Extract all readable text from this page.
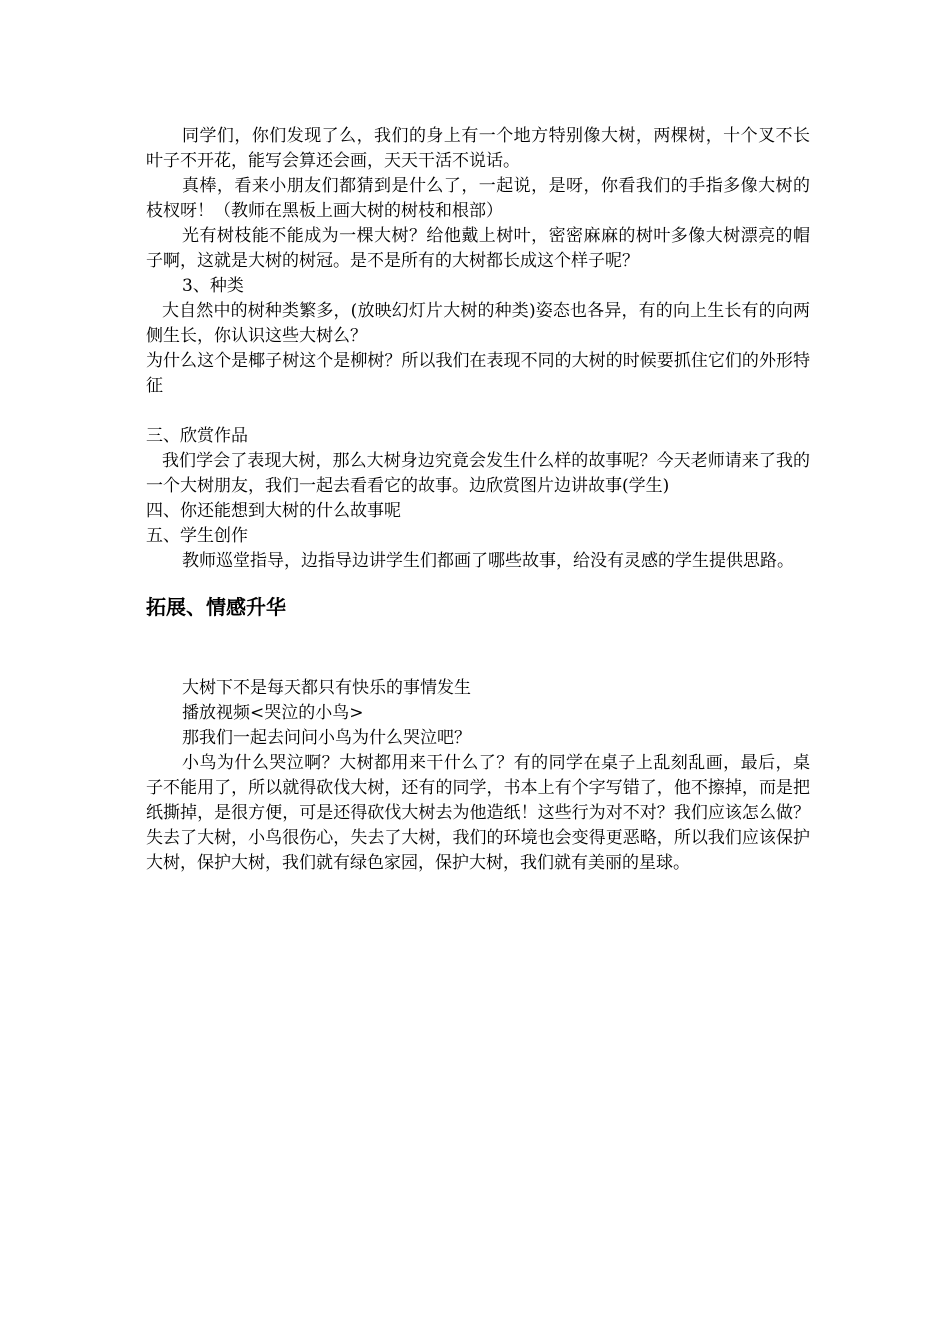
同学们，你们发现了么，我们的身上有一个地方特别像大树，两棵树，十个叉不长叶子不开花，能写会算还会画，天天干活不说话。

真棒，看来小朋友们都猜到是什么了，一起说，是呀，你看我们的手指多像大树的枝杈呀！（教师在黑板上画大树的树枝和根部）

光有树枝能不能成为一棵大树？给他戴上树叶，密密麻麻的树叶多像大树漂亮的帽子啊，这就是大树的树冠。是不是所有的大树都长成这个样子呢？

3、种类

大自然中的树种类繁多，(放映幻灯片大树的种类)姿态也各异，有的向上生长有的向两侧生长，你认识这些大树么？

为什么这个是椰子树这个是柳树？所以我们在表现不同的大树的时候要抓住它们的外形特征

三、欣赏作品

我们学会了表现大树，那么大树身边究竟会发生什么样的故事呢？今天老师请来了我的一个大树朋友，我们一起去看看它的故事。边欣赏图片边讲故事(学生)

四、你还能想到大树的什么故事呢

五、学生创作

教师巡堂指导，边指导边讲学生们都画了哪些故事，给没有灵感的学生提供思路。

拓展、情感升华

大树下不是每天都只有快乐的事情发生

播放视频<哭泣的小鸟>

那我们一起去问问小鸟为什么哭泣吧？

小鸟为什么哭泣啊？大树都用来干什么了？有的同学在桌子上乱刻乱画，最后，桌子不能用了，所以就得砍伐大树，还有的同学，书本上有个字写错了，他不擦掉，而是把纸撕掉，是很方便，可是还得砍伐大树去为他造纸！这些行为对不对？我们应该怎么做？失去了大树，小鸟很伤心，失去了大树，我们的环境也会变得更恶略，所以我们应该保护大树，保护大树，我们就有绿色家园，保护大树，我们就有美丽的星球。
